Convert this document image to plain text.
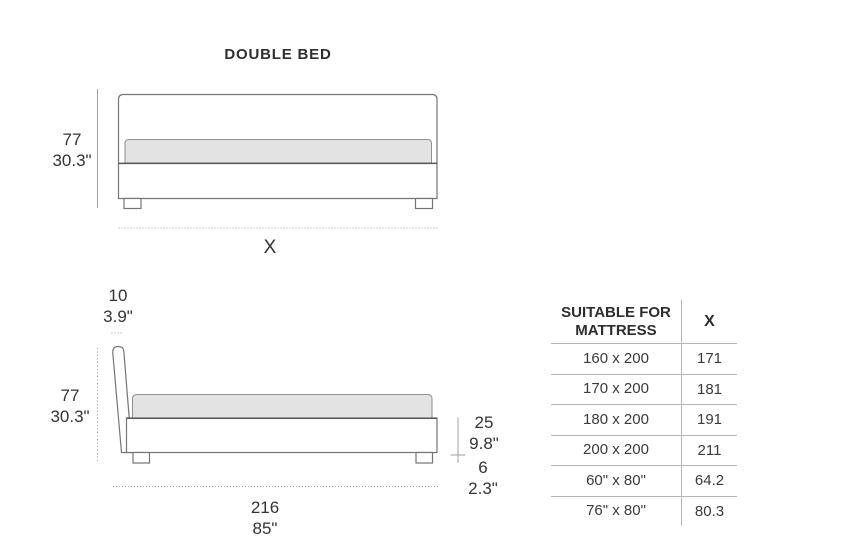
DOUBLE BED
77
30.3"
X
10
3.9"
77
30.3"	25
9.8"
6
2.3"
216
85"
SUITABLE FOR MATTRESS
X
160 x 200	171
170 x 200	181
180 x 200	191
200 x 200	211
60" x 80"	64.2
76" x 80"	80.3
